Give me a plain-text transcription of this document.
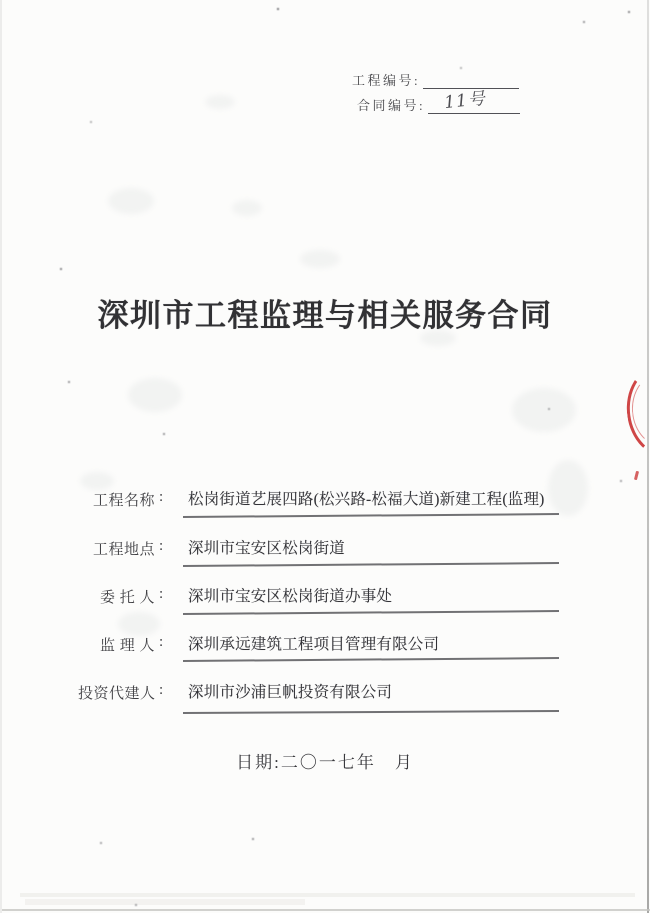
工程编号:
合同编号: 11号
深圳市工程监理与相关服务合同
工程名称 : 松岗街道艺展四路(松兴路-松福大道)新建工程(监理)
工程地点 : 深圳市宝安区松岗街道
委 托 人 : 深圳市宝安区松岗街道办事处
监 理 人 : 深圳承远建筑工程项目管理有限公司
投资代建人 : 深圳市沙浦巨帆投资有限公司
日期:二〇一七年　月
